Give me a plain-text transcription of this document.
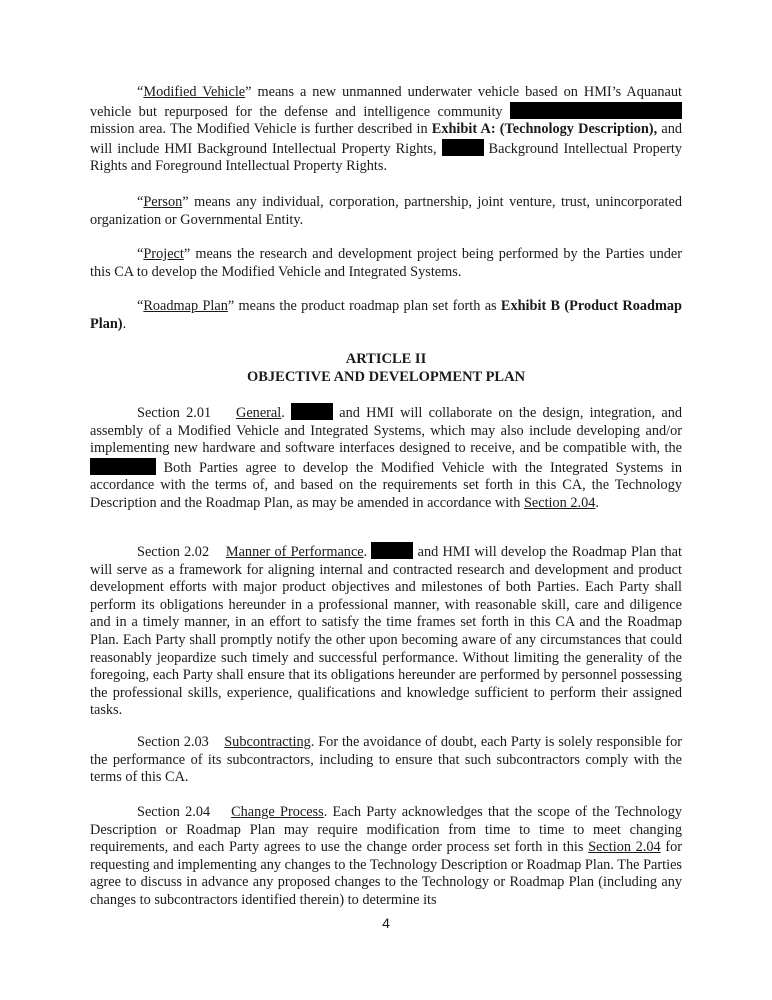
“Modified Vehicle” means a new unmanned underwater vehicle based on HMI’s Aquanaut vehicle but repurposed for the defense and intelligence community  mission area. The Modified Vehicle is further described in Exhibit A: (Technology Description), and will include HMI Background Intellectual Property Rights,	Background Intellectual Property Rights and Foreground Intellectual Property Rights.

“Person” means any individual, corporation, partnership, joint venture, trust, unincorporated organization or Governmental Entity.

“Project” means the research and development project being performed by the Parties under this CA to develop the Modified Vehicle and Integrated Systems.

“Roadmap Plan” means the product roadmap plan set forth as Exhibit B (Product Roadmap Plan).

ARTICLE II
OBJECTIVE AND DEVELOPMENT PLAN

Section 2.01 General.	and HMI will collaborate on the design, integration, and assembly of a Modified Vehicle and Integrated Systems, which may also include developing and/or implementing new hardware and software interfaces designed to receive, and be compatible with, the  Both Parties agree to develop the Modified Vehicle with the Integrated Systems in accordance with the terms of, and based on the requirements set forth in this CA, the Technology Description and the Roadmap Plan, as may be amended in accordance with Section 2.04.

Section 2.02 Manner of Performance.	and HMI will develop the Roadmap Plan that will serve as a framework for aligning internal and contracted research and development and product development efforts with major product objectives and milestones of both Parties. Each Party shall perform its obligations hereunder in a professional manner, with reasonable skill, care and diligence and in a timely manner, in an effort to satisfy the time frames set forth in this CA and the Roadmap Plan. Each Party shall promptly notify the other upon becoming aware of any circumstances that could reasonably jeopardize such timely and successful performance. Without limiting the generality of the foregoing, each Party shall ensure that its obligations hereunder are performed by personnel possessing the professional skills, experience, qualifications and knowledge sufficient to perform their assigned tasks.

Section 2.03 Subcontracting. For the avoidance of doubt, each Party is solely responsible for the performance of its subcontractors, including to ensure that such subcontractors comply with the terms of this CA.

Section 2.04 Change Process. Each Party acknowledges that the scope of the Technology Description or Roadmap Plan may require modification from time to time to meet changing requirements, and each Party agrees to use the change order process set forth in this Section 2.04 for requesting and implementing any changes to the Technology Description or Roadmap Plan. The Parties agree to discuss in advance any proposed changes to the Technology or Roadmap Plan (including any changes to subcontractors identified therein) to determine its

4
